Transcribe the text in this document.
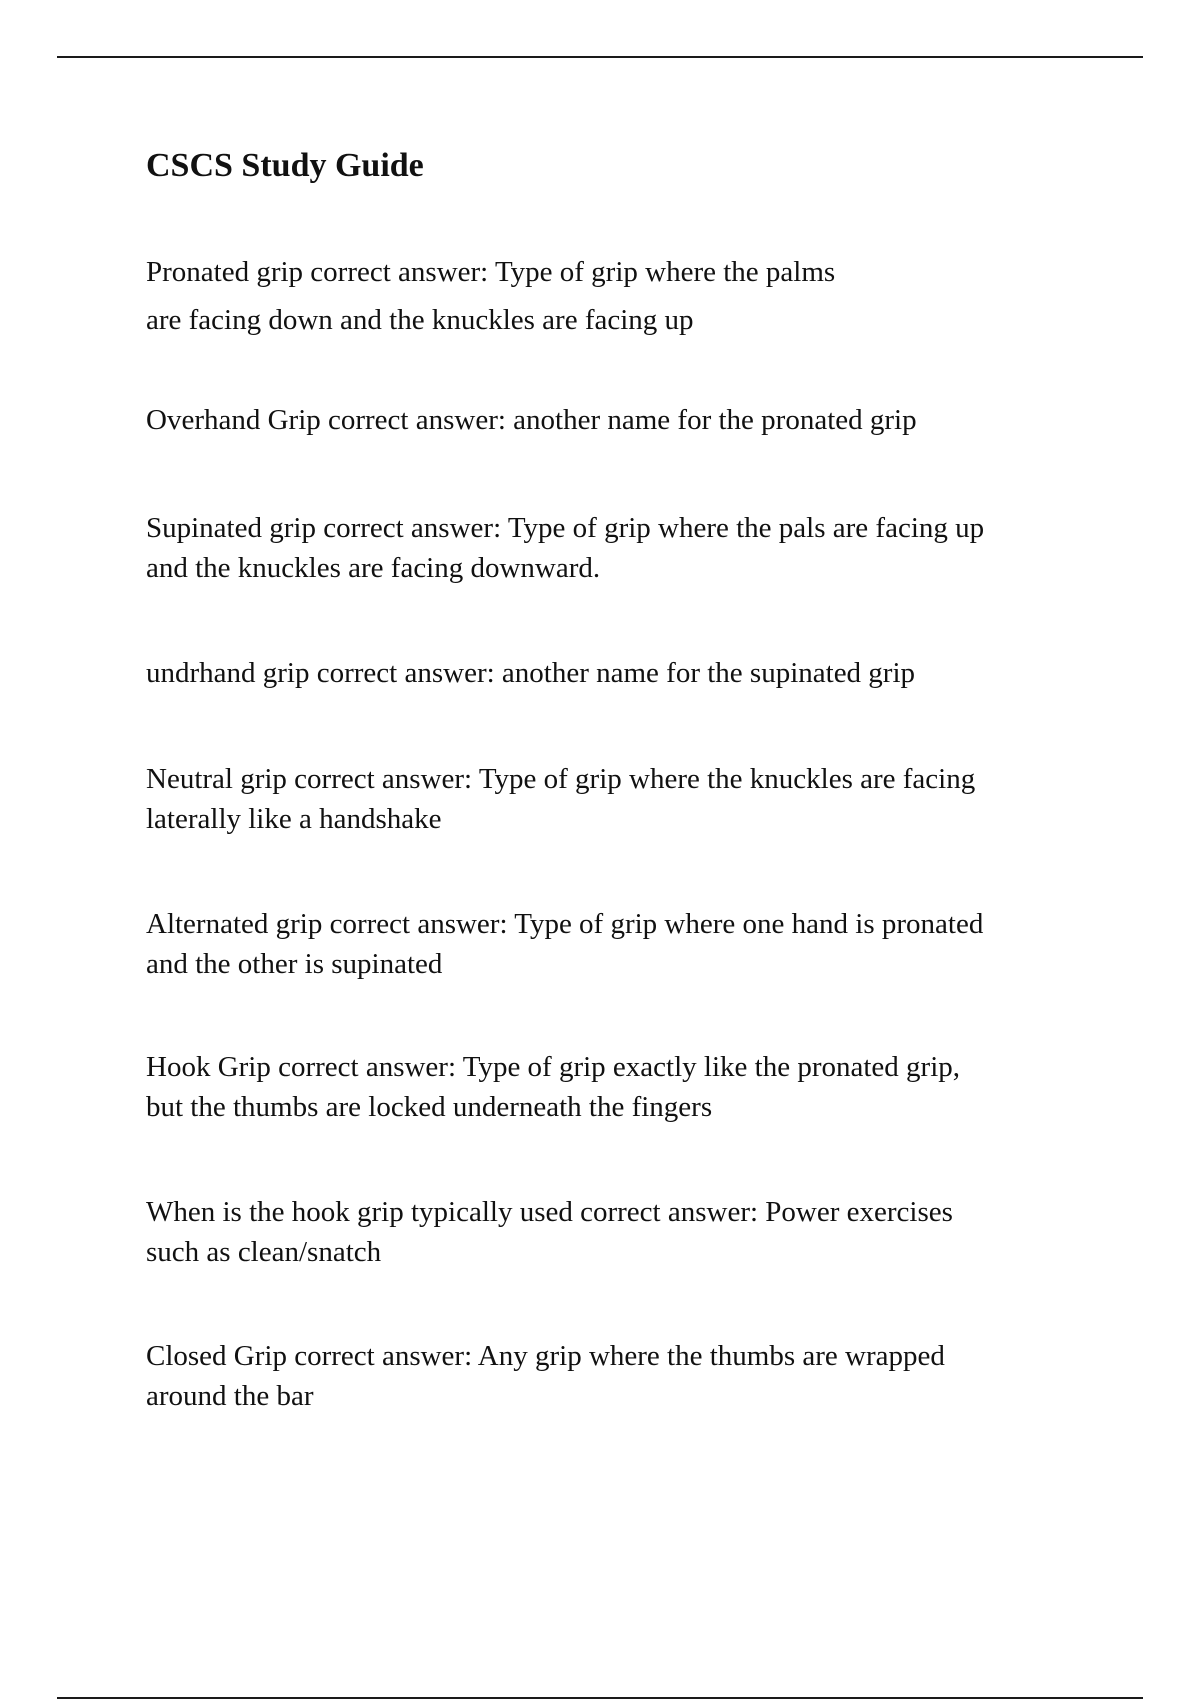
CSCS Study Guide

Pronated grip correct answer: Type of grip where the palms
are facing down and the knuckles are facing up

Overhand Grip correct answer: another name for the pronated grip

Supinated grip correct answer: Type of grip where the pals are facing up
and the knuckles are facing downward.

undrhand grip correct answer: another name for the supinated grip

Neutral grip correct answer: Type of grip where the knuckles are facing
laterally like a handshake

Alternated grip correct answer: Type of grip where one hand is pronated
and the other is supinated

Hook Grip correct answer: Type of grip exactly like the pronated grip,
but the thumbs are locked underneath the fingers

When is the hook grip typically used correct answer: Power exercises
such as clean/snatch

Closed Grip correct answer: Any grip where the thumbs are wrapped
around the bar
